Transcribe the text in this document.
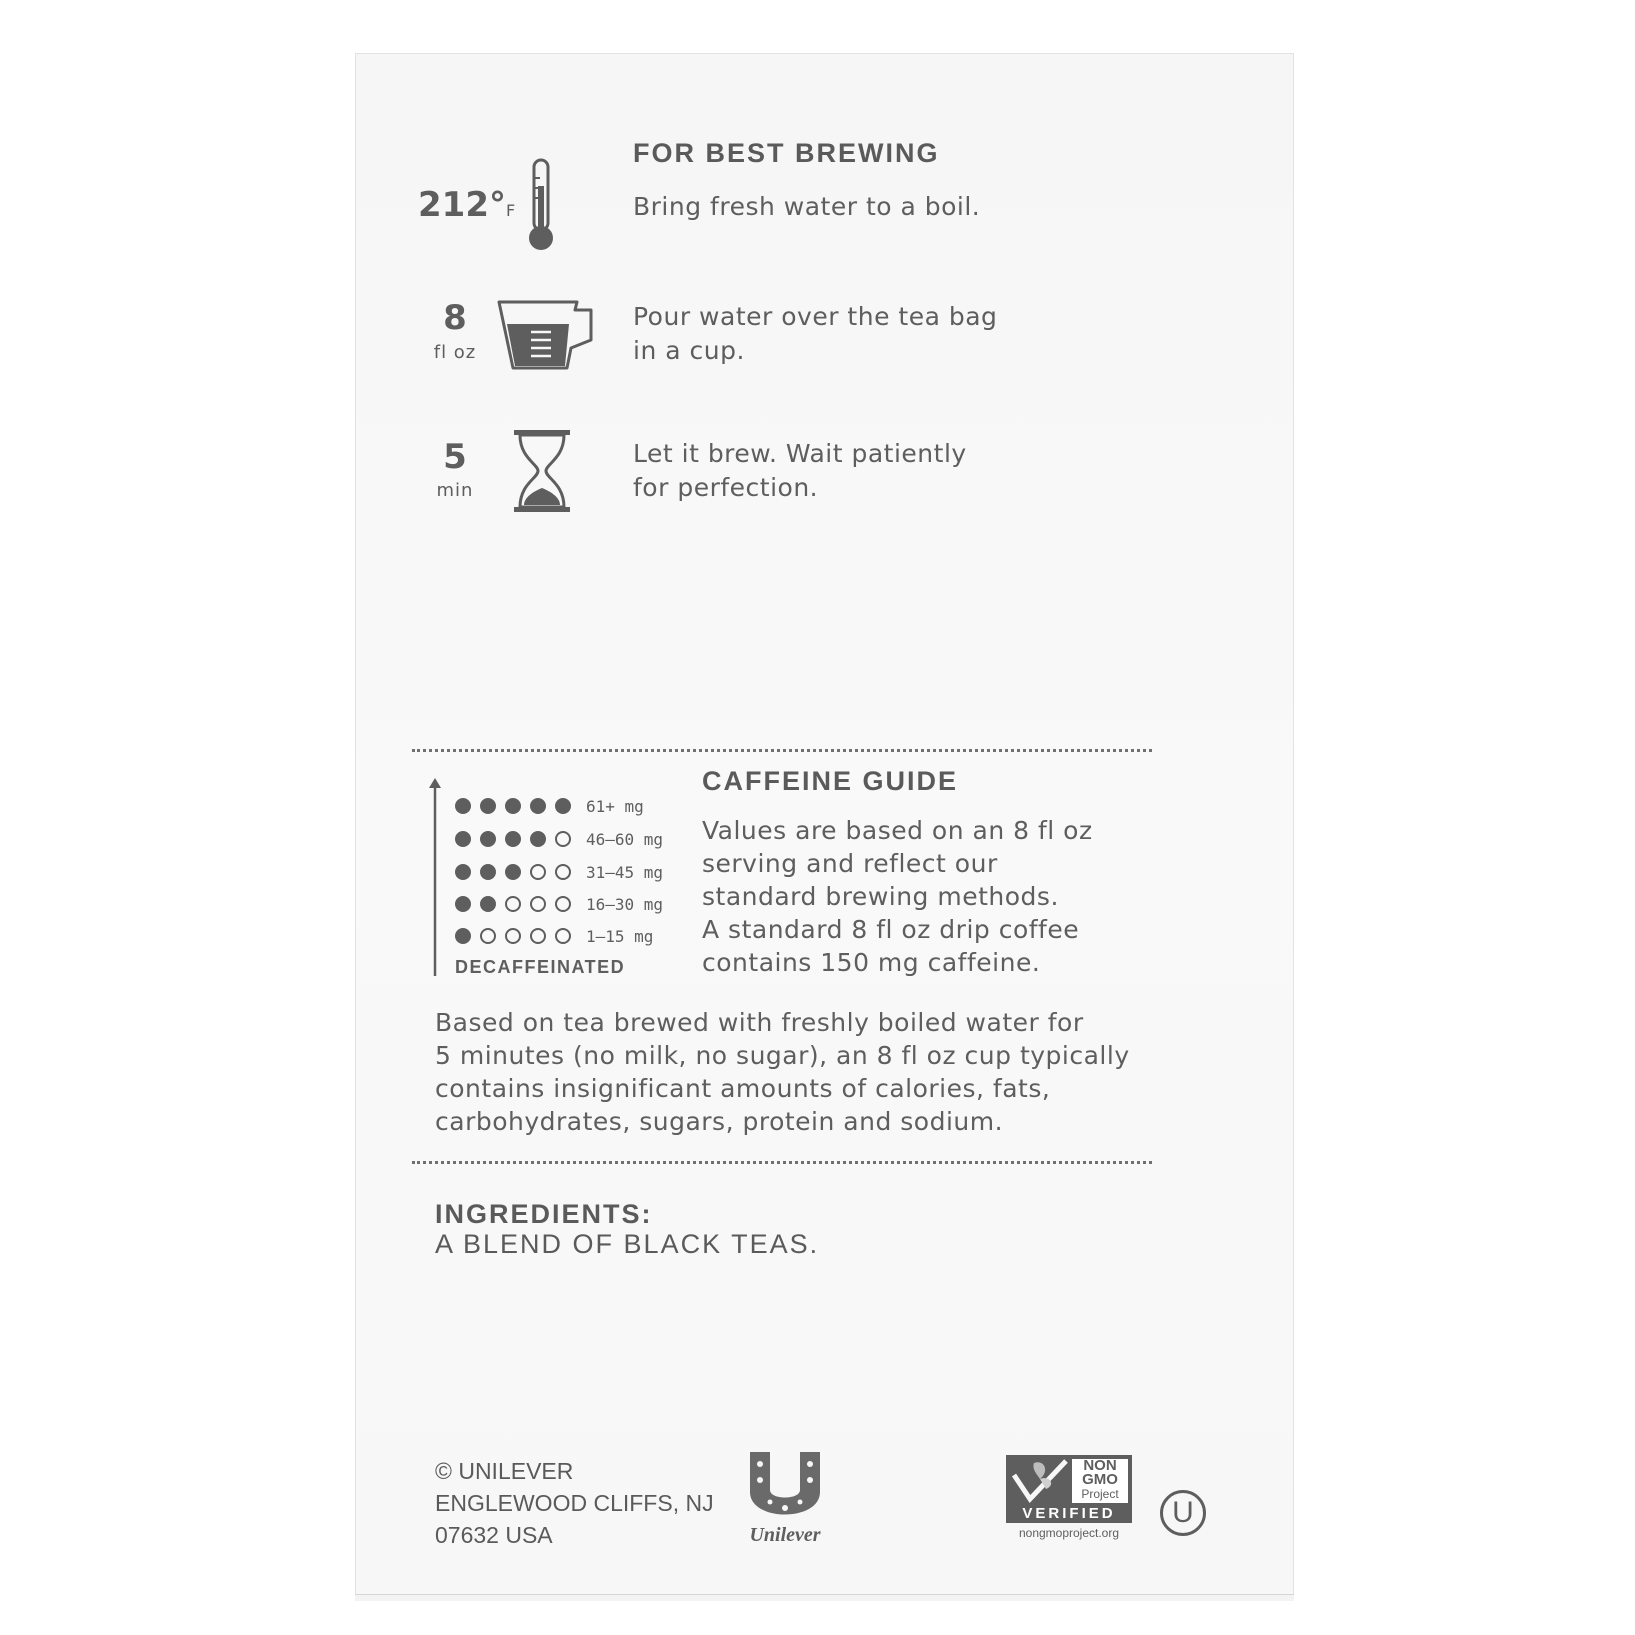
FOR BEST BREWING
212°F	Bring fresh water to a boil.
8
fl oz
Pour water over the tea bag
in a cup.
5
min
Let it brew. Wait patiently
for perfection.
61+ mg
46–60 mg
31–45 mg
16–30 mg
1–15 mg
DECAFFEINATED
CAFFEINE GUIDE
Values are based on an 8 fl oz
serving and reflect our
standard brewing methods.
A standard 8 fl oz drip coffee
contains 150 mg caffeine.
Based on tea brewed with freshly boiled water for
5 minutes (no milk, no sugar), an 8 fl oz cup typically
contains insignificant amounts of calories, fats,
carbohydrates, sugars, protein and sodium.
INGREDIENTS:
A BLEND OF BLACK TEAS.
© UNILEVER
ENGLEWOOD CLIFFS, NJ
07632 USA	Unilever
NON
GMO
Project
VERIFIED
nongmoproject.org
U
